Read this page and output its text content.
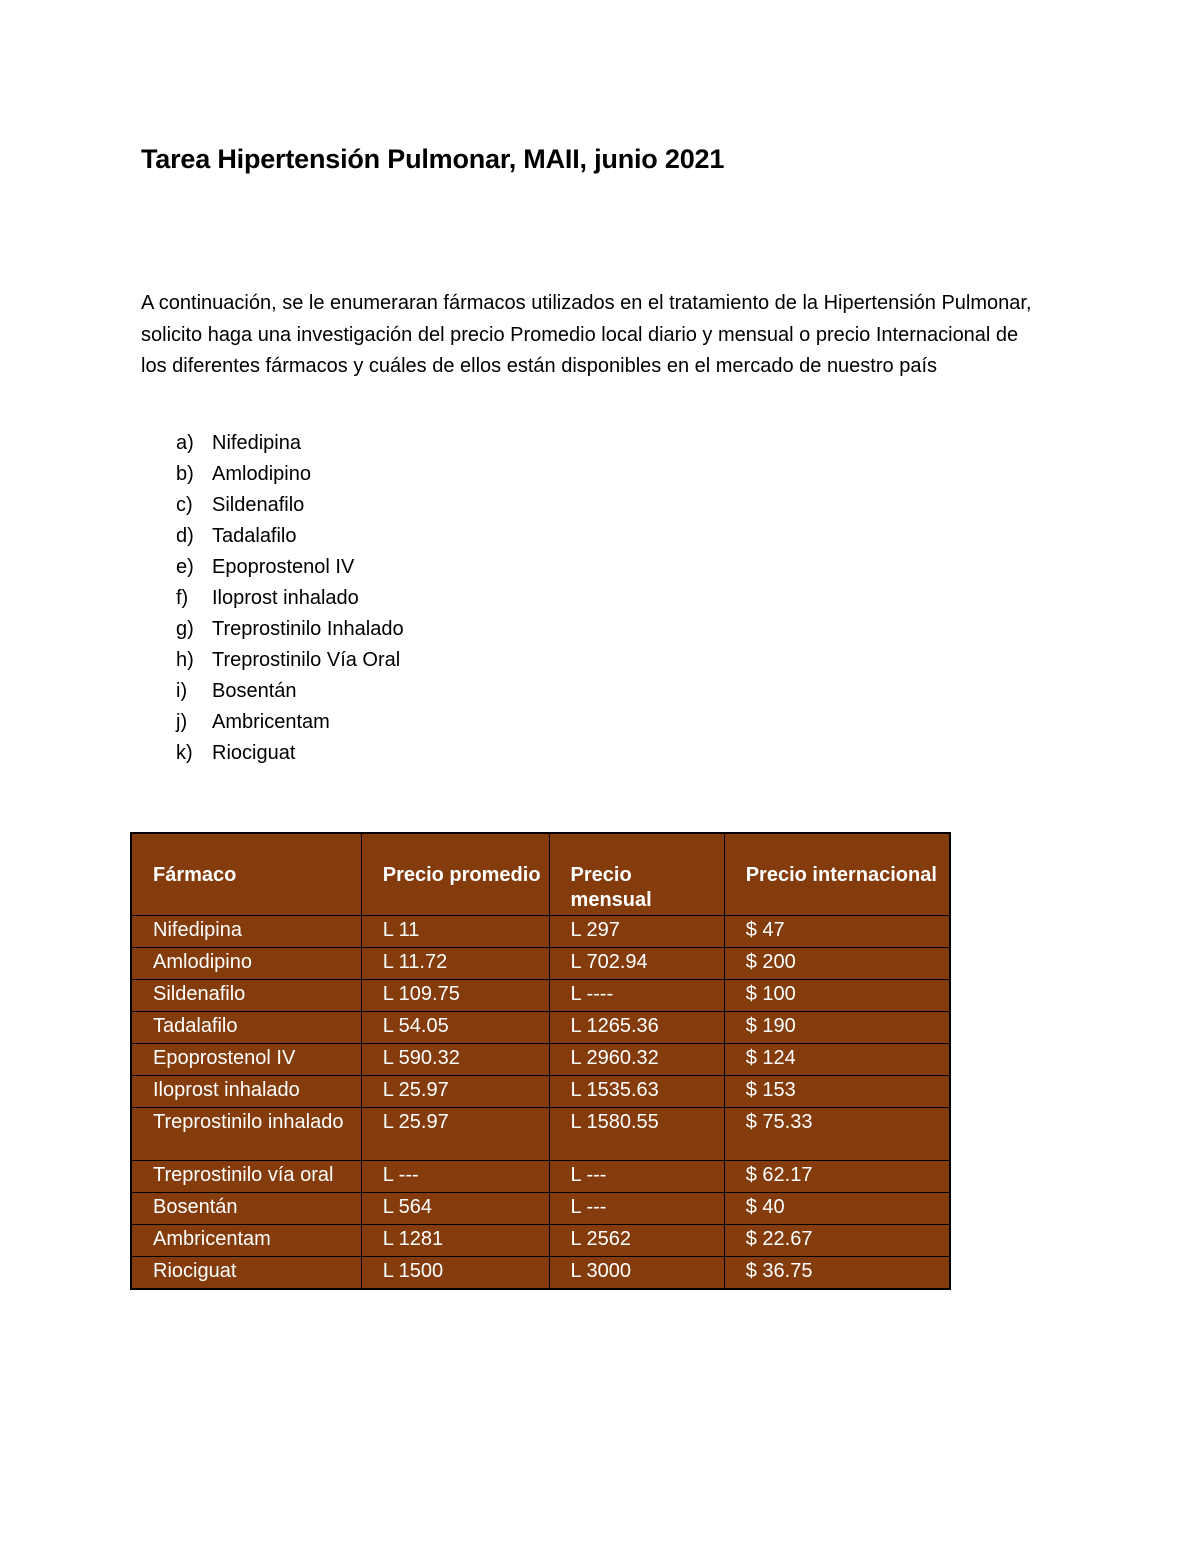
Tarea Hipertensión Pulmonar, MAII, junio 2021

A continuación, se le enumeraran fármacos utilizados en el tratamiento de la Hipertensión Pulmonar, solicito haga una investigación del precio Promedio local diario y mensual o precio Internacional de los diferentes fármacos y cuáles de ellos están disponibles en el mercado de nuestro país

a) Nifedipina
b) Amlodipino
c) Sildenafilo
d) Tadalafilo
e) Epoprostenol IV
f)	Iloprost inhalado
g) Treprostinilo Inhalado
h) Treprostinilo Vía Oral
i)	Bosentán
j)	Ambricentam
k) Riociguat
Fármaco	Precio promedio	Precio mensual	Precio internacional
Nifedipina	L 11	L 297	$ 47
Amlodipino	L 11.72	L 702.94	$ 200
Sildenafilo	L 109.75	L ----	$ 100
Tadalafilo	L 54.05	L 1265.36	$ 190
Epoprostenol IV	L 590.32	L 2960.32	$ 124
Iloprost inhalado	L 25.97	L 1535.63	$ 153
Treprostinilo inhalado	L 25.97	L 1580.55	$ 75.33
Treprostinilo vía oral	L ---	L ---	$ 62.17
Bosentán	L 564	L ---	$ 40
Ambricentam	L 1281	L 2562	$ 22.67
Riociguat	L 1500	L 3000	$ 36.75
